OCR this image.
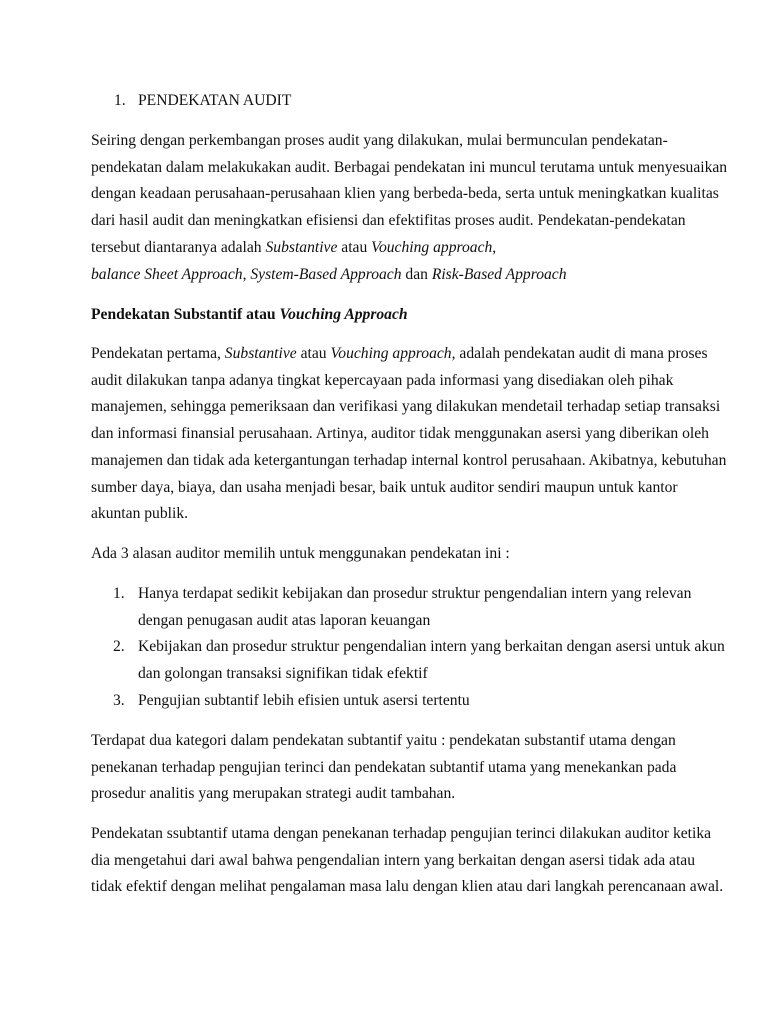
1. PENDEKATAN AUDIT

Seiring dengan perkembangan proses audit yang dilakukan, mulai bermunculan pendekatan-pendekatan dalam melakukakan audit. Berbagai pendekatan ini muncul terutama untuk menyesuaikan dengan keadaan perusahaan-perusahaan klien yang berbeda-beda, serta untuk meningkatkan kualitas dari hasil audit dan meningkatkan efisiensi dan efektifitas proses audit. Pendekatan-pendekatan tersebut diantaranya adalah Substantive atau Vouching approach,
balance Sheet Approach, System-Based Approach dan Risk-Based Approach

Pendekatan Substantif atau Vouching Approach

Pendekatan pertama, Substantive atau Vouching approach, adalah pendekatan audit di mana proses audit dilakukan tanpa adanya tingkat kepercayaan pada informasi yang disediakan oleh pihak manajemen, sehingga pemeriksaan dan verifikasi yang dilakukan mendetail terhadap setiap transaksi dan informasi finansial perusahaan. Artinya, auditor tidak menggunakan asersi yang diberikan oleh manajemen dan tidak ada ketergantungan terhadap internal kontrol perusahaan. Akibatnya, kebutuhan sumber daya, biaya, dan usaha menjadi besar, baik untuk auditor sendiri maupun untuk kantor akuntan publik.

Ada 3 alasan auditor memilih untuk menggunakan pendekatan ini :

1. Hanya terdapat sedikit kebijakan dan prosedur struktur pengendalian intern yang relevan dengan penugasan audit atas laporan keuangan
2. Kebijakan dan prosedur struktur pengendalian intern yang berkaitan dengan asersi untuk akun dan golongan transaksi signifikan tidak efektif
3. Pengujian subtantif lebih efisien untuk asersi tertentu

Terdapat dua kategori dalam pendekatan subtantif yaitu : pendekatan substantif utama dengan penekanan terhadap pengujian terinci dan pendekatan subtantif utama yang menekankan pada prosedur analitis yang merupakan strategi audit tambahan.

Pendekatan ssubtantif utama dengan penekanan terhadap pengujian terinci dilakukan auditor ketika dia mengetahui dari awal bahwa pengendalian intern yang berkaitan dengan asersi tidak ada atau tidak efektif dengan melihat pengalaman masa lalu dengan klien atau dari langkah perencanaan awal.
